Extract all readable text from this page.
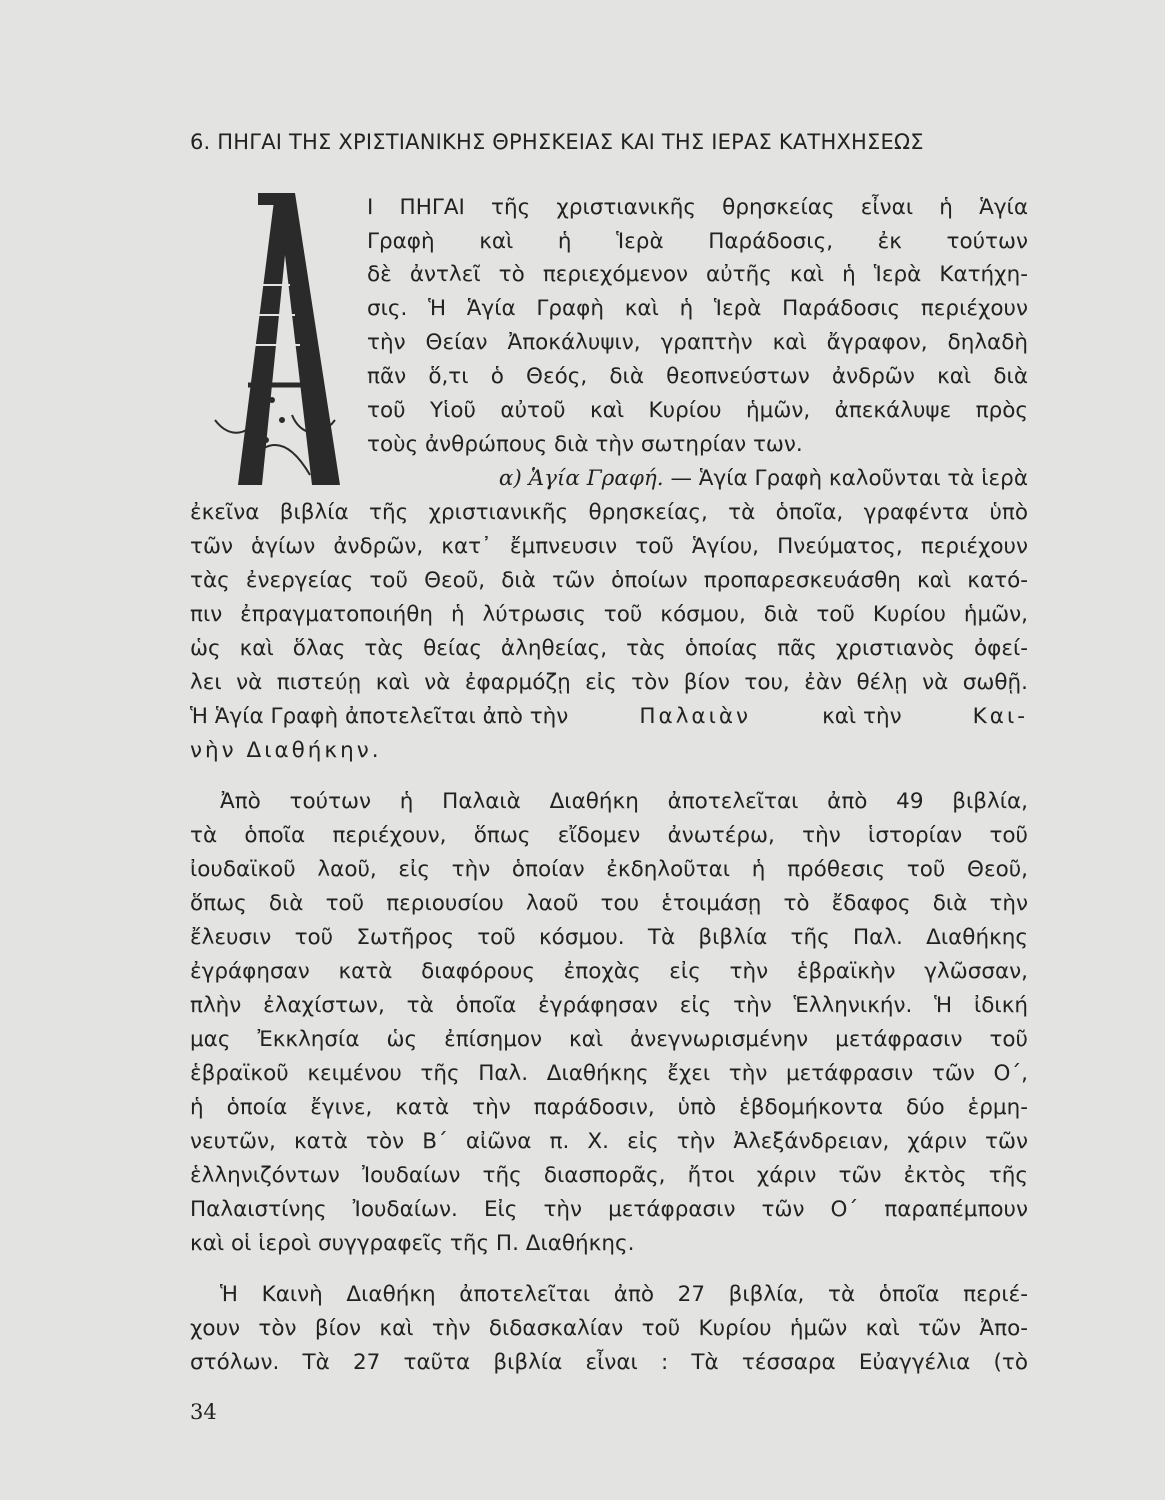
6. ΠΗΓΑΙ ΤΗΣ ΧΡΙΣΤΙΑΝΙΚΗΣ ΘΡΗΣΚΕΙΑΣ ΚΑΙ ΤΗΣ ΙΕΡΑΣ ΚΑΤΗΧΗΣΕΩΣ
Ι ΠΗΓΑΙ τῆς χριστιανικῆς θρησκείας εἶναι ἡ Ἁγία
Γραφὴ καὶ ἡ Ἱερὰ Παράδοσις, ἐκ τούτων
δὲ ἀντλεῖ τὸ περιεχόμενον αὐτῆς καὶ ἡ Ἱερὰ Κατήχη-
σις. Ἡ Ἁγία Γραφὴ καὶ ἡ Ἱερὰ Παράδοσις περιέχουν
τὴν Θείαν Ἀποκάλυψιν, γραπτὴν καὶ ἄγραφον, δηλαδὴ
πᾶν ὅ,τι ὁ Θεός, διὰ θεοπνεύστων ἀνδρῶν καὶ διὰ
τοῦ Υἱοῦ αὐτοῦ καὶ Κυρίου ἡμῶν, ἀπεκάλυψε πρὸς
τοὺς ἀνθρώπους διὰ τὴν σωτηρίαν των.
α) Ἁγία Γραφή. — Ἁγία Γραφὴ καλοῦνται τὰ ἱερὰ
ἐκεῖνα βιβλία τῆς χριστιανικῆς θρησκείας, τὰ ὁποῖα, γραφέντα ὑπὸ
τῶν ἁγίων ἀνδρῶν, κατ᾿ ἔμπνευσιν τοῦ Ἁγίου, Πνεύματος, περιέχουν
τὰς ἐνεργείας τοῦ Θεοῦ, διὰ τῶν ὁποίων προπαρεσκευάσθη καὶ κατό-
πιν ἐπραγματοποιήθη ἡ λύτρωσις τοῦ κόσμου, διὰ τοῦ Κυρίου ἡμῶν,
ὡς καὶ ὅλας τὰς θείας ἀληθείας, τὰς ὁποίας πᾶς χριστιανὸς ὀφεί-
λει νὰ πιστεύῃ καὶ νὰ ἐφαρμόζῃ εἰς τὸν βίον του, ἐὰν θέλῃ νὰ σωθῇ.
Ἡ Ἁγία Γραφὴ ἀποτελεῖται ἀπὸ τὴν	Παλαιὰν	καὶ τὴν	Και-
νὴν Διαθήκην.
Ἀπὸ τούτων ἡ Παλαιὰ Διαθήκη ἀποτελεῖται ἀπὸ 49 βιβλία,
τὰ ὁποῖα περιέχουν, ὅπως εἴδομεν ἀνωτέρω, τὴν ἱστορίαν τοῦ
ἰουδαϊκοῦ λαοῦ, εἰς τὴν ὁποίαν ἐκδηλοῦται ἡ πρόθεσις τοῦ Θεοῦ,
ὅπως διὰ τοῦ περιουσίου λαοῦ του ἑτοιμάσῃ τὸ ἔδαφος διὰ τὴν
ἔλευσιν τοῦ Σωτῆρος τοῦ κόσμου. Τὰ βιβλία τῆς Παλ. Διαθήκης
ἐγράφησαν κατὰ διαφόρους ἐποχὰς εἰς τὴν ἑβραϊκὴν γλῶσσαν,
πλὴν ἐλαχίστων, τὰ ὁποῖα ἐγράφησαν εἰς τὴν Ἑλληνικήν. Ἡ ἰδική
μας Ἐκκλησία ὡς ἐπίσημον καὶ ἀνεγνωρισμένην μετάφρασιν τοῦ
ἑβραϊκοῦ κειμένου τῆς Παλ. Διαθήκης ἔχει τὴν μετάφρασιν τῶν Ο΄,
ἡ ὁποία ἔγινε, κατὰ τὴν παράδοσιν, ὑπὸ ἑβδομήκοντα δύο ἑρμη-
νευτῶν, κατὰ τὸν Β΄ αἰῶνα π. Χ. εἰς τὴν Ἀλεξάνδρειαν, χάριν τῶν
ἑλληνιζόντων Ἰουδαίων τῆς διασπορᾶς, ἤτοι χάριν τῶν ἐκτὸς τῆς
Παλαιστίνης Ἰουδαίων. Εἰς τὴν μετάφρασιν τῶν Ο΄ παραπέμπουν
καὶ οἱ ἱεροὶ συγγραφεῖς τῆς Π. Διαθήκης.
Ἡ Καινὴ Διαθήκη ἀποτελεῖται ἀπὸ 27 βιβλία, τὰ ὁποῖα περιέ-
χουν τὸν βίον καὶ τὴν διδασκαλίαν τοῦ Κυρίου ἡμῶν καὶ τῶν Ἀπο-
στόλων. Τὰ 27 ταῦτα βιβλία εἶναι : Τὰ τέσσαρα Εὐαγγέλια (τὸ
34
